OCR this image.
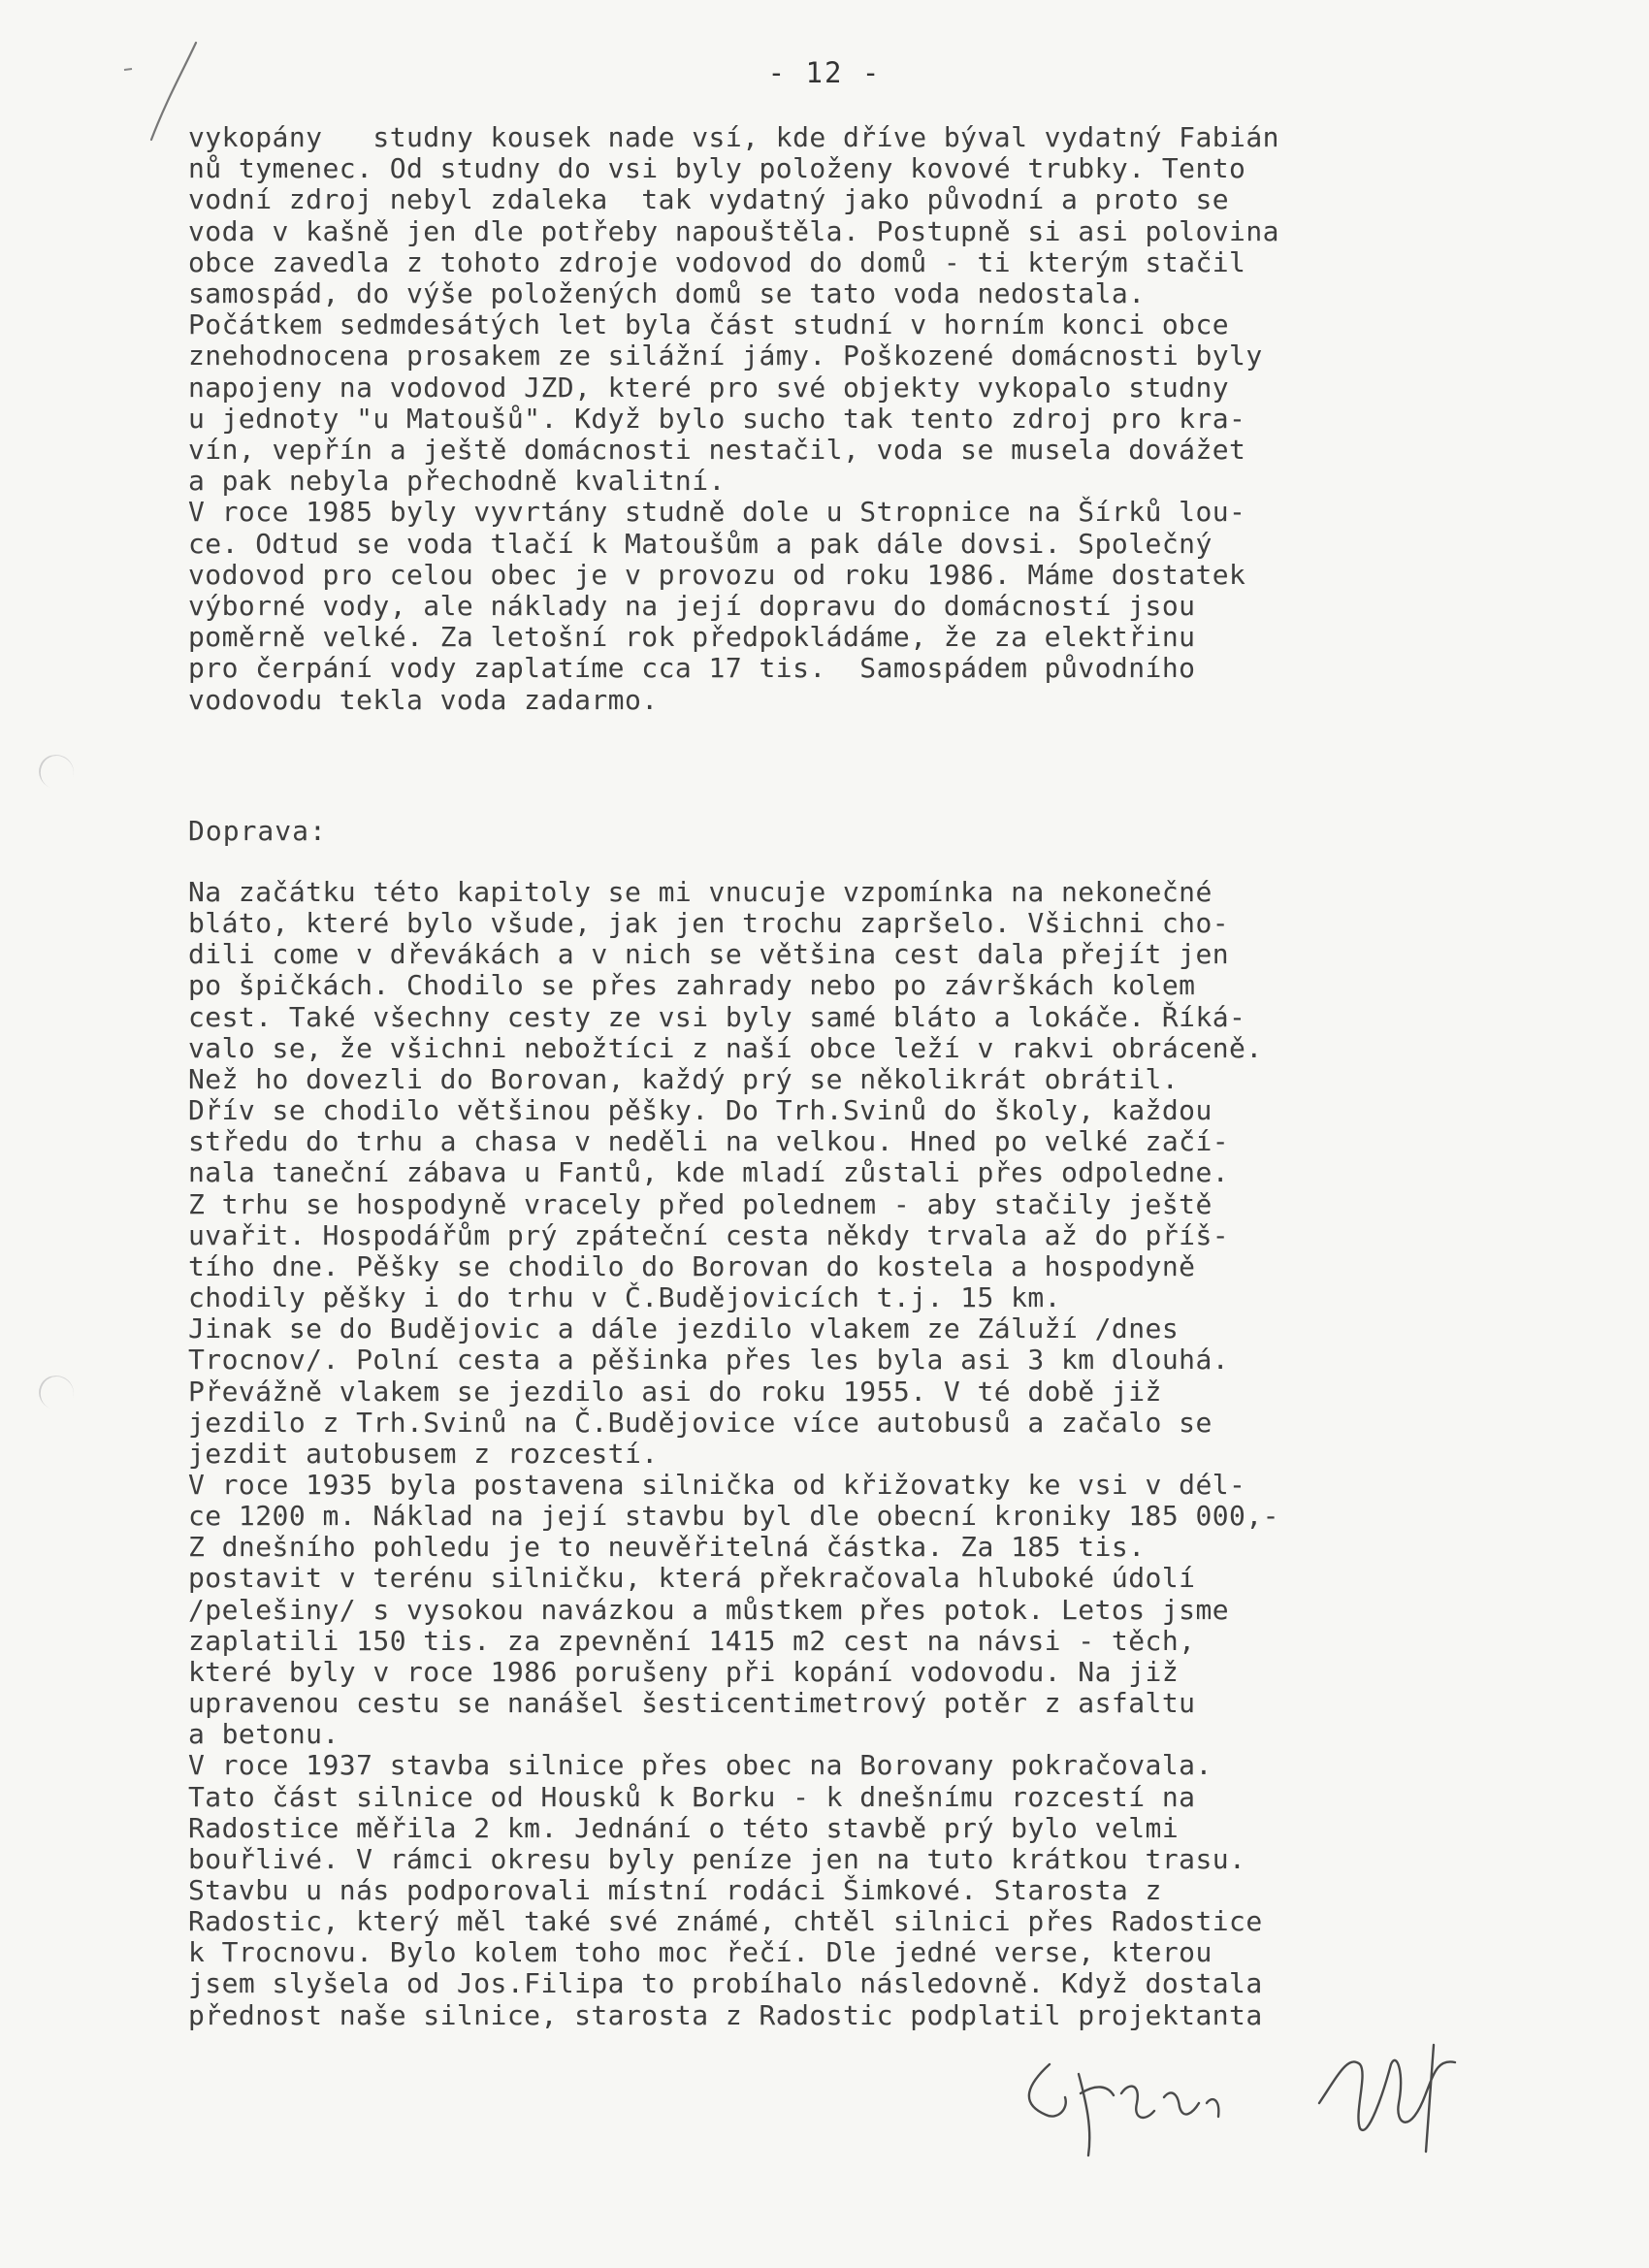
- 12 -
vykopány   studny kousek nade vsí, kde dříve býval vydatný Fabián
nů tymenec. Od studny do vsi byly položeny kovové trubky. Tento
vodní zdroj nebyl zdaleka  tak vydatný jako původní a proto se
voda v kašně jen dle potřeby napouštěla. Postupně si asi polovina
obce zavedla z tohoto zdroje vodovod do domů - ti kterým stačil
samospád, do výše položených domů se tato voda nedostala.
Počátkem sedmdesátých let byla část studní v horním konci obce
znehodnocena prosakem ze silážní jámy. Poškozené domácnosti byly
napojeny na vodovod JZD, které pro své objekty vykopalo studny
u jednoty "u Matoušů". Když bylo sucho tak tento zdroj pro kra-
vín, vepřín a ještě domácnosti nestačil, voda se musela dovážet
a pak nebyla přechodně kvalitní.
V roce 1985 byly vyvrtány studně dole u Stropnice na Šírků lou-
ce. Odtud se voda tlačí k Matoušům a pak dále dovsi. Společný
vodovod pro celou obec je v provozu od roku 1986. Máme dostatek
výborné vody, ale náklady na její dopravu do domácností jsou
poměrně velké. Za letošní rok předpokládáme, že za elektřinu
pro čerpání vody zaplatíme cca 17 tis.  Samospádem původního
vodovodu tekla voda zadarmo.
Doprava:
Na začátku této kapitoly se mi vnucuje vzpomínka na nekonečné
bláto, které bylo všude, jak jen trochu zapršelo. Všichni cho-
dili come v dřevákách a v nich se většina cest dala přejít jen
po špičkách. Chodilo se přes zahrady nebo po závrškách kolem
cest. Také všechny cesty ze vsi byly samé bláto a lokáče. Říká-
valo se, že všichni nebožtíci z naší obce leží v rakvi obráceně.
Než ho dovezli do Borovan, každý prý se několikrát obrátil.
Dřív se chodilo většinou pěšky. Do Trh.Svinů do školy, každou
středu do trhu a chasa v neděli na velkou. Hned po velké začí-
nala taneční zábava u Fantů, kde mladí zůstali přes odpoledne.
Z trhu se hospodyně vracely před polednem - aby stačily ještě
uvařit. Hospodářům prý zpáteční cesta někdy trvala až do příš-
tího dne. Pěšky se chodilo do Borovan do kostela a hospodyně
chodily pěšky i do trhu v Č.Budějovicích t.j. 15 km.
Jinak se do Budějovic a dále jezdilo vlakem ze Záluží /dnes
Trocnov/. Polní cesta a pěšinka přes les byla asi 3 km dlouhá.
Převážně vlakem se jezdilo asi do roku 1955. V té době již
jezdilo z Trh.Svinů na Č.Budějovice více autobusů a začalo se
jezdit autobusem z rozcestí.
V roce 1935 byla postavena silnička od křižovatky ke vsi v dél-
ce 1200 m. Náklad na její stavbu byl dle obecní kroniky 185 000,-
Z dnešního pohledu je to neuvěřitelná částka. Za 185 tis.
postavit v terénu silničku, která překračovala hluboké údolí
/pelešiny/ s vysokou navázkou a můstkem přes potok. Letos jsme
zaplatili 150 tis. za zpevnění 1415 m2 cest na návsi - těch,
které byly v roce 1986 porušeny při kopání vodovodu. Na již
upravenou cestu se nanášel šesticentimetrový potěr z asfaltu
a betonu.
V roce 1937 stavba silnice přes obec na Borovany pokračovala.
Tato část silnice od Housků k Borku - k dnešnímu rozcestí na
Radostice měřila 2 km. Jednání o této stavbě prý bylo velmi
bouřlivé. V rámci okresu byly peníze jen na tuto krátkou trasu.
Stavbu u nás podporovali místní rodáci Šimkové. Starosta z
Radostic, který měl také své známé, chtěl silnici přes Radostice
k Trocnovu. Bylo kolem toho moc řečí. Dle jedné verse, kterou
jsem slyšela od Jos.Filipa to probíhalo následovně. Když dostala
přednost naše silnice, starosta z Radostic podplatil projektanta
